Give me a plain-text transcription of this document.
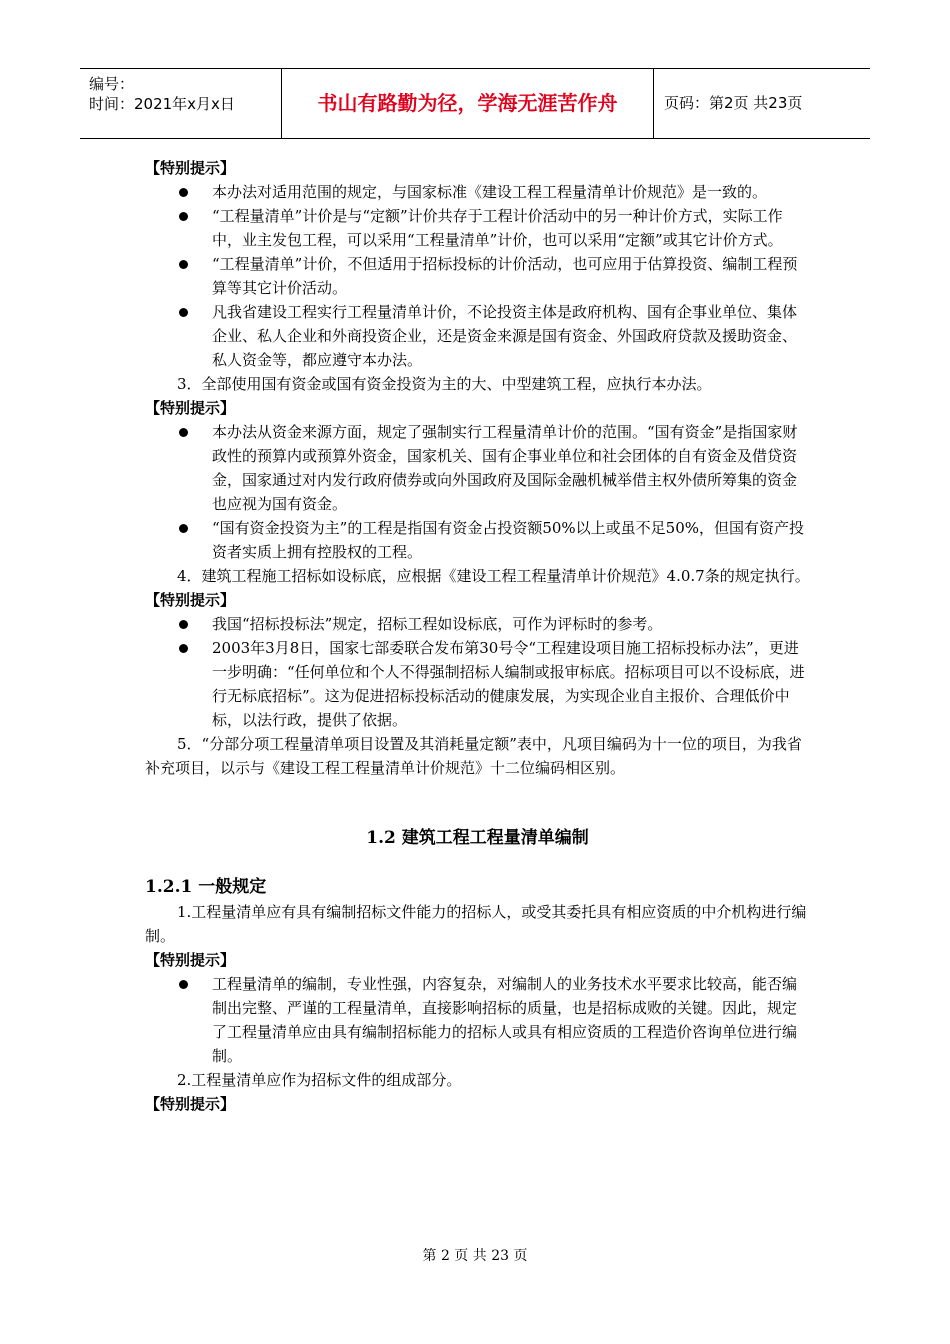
编号：
时间：2021年x月x日	书山有路勤为径，学海无涯苦作舟	页码：第2页 共23页

【特别提示】

本办法对适用范围的规定，与国家标准《建设工程工程量清单计价规范》是一致的。

“工程量清单”计价是与“定额”计价共存于工程计价活动中的另一种计价方式，实际工作中，业主发包工程，可以采用“工程量清单”计价，也可以采用“定额”或其它计价方式。

“工程量清单”计价，不但适用于招标投标的计价活动，也可应用于估算投资、编制工程预算等其它计价活动。

凡我省建设工程实行工程量清单计价，不论投资主体是政府机构、国有企事业单位、集体企业、私人企业和外商投资企业，还是资金来源是国有资金、外国政府贷款及援助资金、私人资金等，都应遵守本办法。

3．全部使用国有资金或国有资金投资为主的大、中型建筑工程，应执行本办法。

【特别提示】

本办法从资金来源方面，规定了强制实行工程量清单计价的范围。“国有资金”是指国家财政性的预算内或预算外资金，国家机关、国有企事业单位和社会团体的自有资金及借贷资金，国家通过对内发行政府债券或向外国政府及国际金融机械举借主权外债所筹集的资金也应视为国有资金。

“国有资金投资为主”的工程是指国有资金占投资额50%以上或虽不足50%，但国有资产投资者实质上拥有控股权的工程。

4．建筑工程施工招标如设标底，应根据《建设工程工程量清单计价规范》4.0.7条的规定执行。

【特别提示】

我国“招标投标法”规定，招标工程如设标底，可作为评标时的参考。

2003年3月8日，国家七部委联合发布第30号令“工程建设项目施工招标投标办法”，更进一步明确：“任何单位和个人不得强制招标人编制或报审标底。招标项目可以不设标底，进行无标底招标”。这为促进招标投标活动的健康发展，为实现企业自主报价、合理低价中标，以法行政，提供了依据。

5．“分部分项工程量清单项目设置及其消耗量定额”表中，凡项目编码为十一位的项目，为我省补充项目，以示与《建设工程工程量清单计价规范》十二位编码相区别。

1.2 建筑工程工程量清单编制
1.2.1 一般规定

1.工程量清单应有具有编制招标文件能力的招标人，或受其委托具有相应资质的中介机构进行编制。

【特别提示】

工程量清单的编制，专业性强，内容复杂，对编制人的业务技术水平要求比较高，能否编制出完整、严谨的工程量清单，直接影响招标的质量，也是招标成败的关键。因此，规定了工程量清单应由具有编制招标能力的招标人或具有相应资质的工程造价咨询单位进行编制。

2.工程量清单应作为招标文件的组成部分。

【特别提示】

第 2 页 共 23 页
